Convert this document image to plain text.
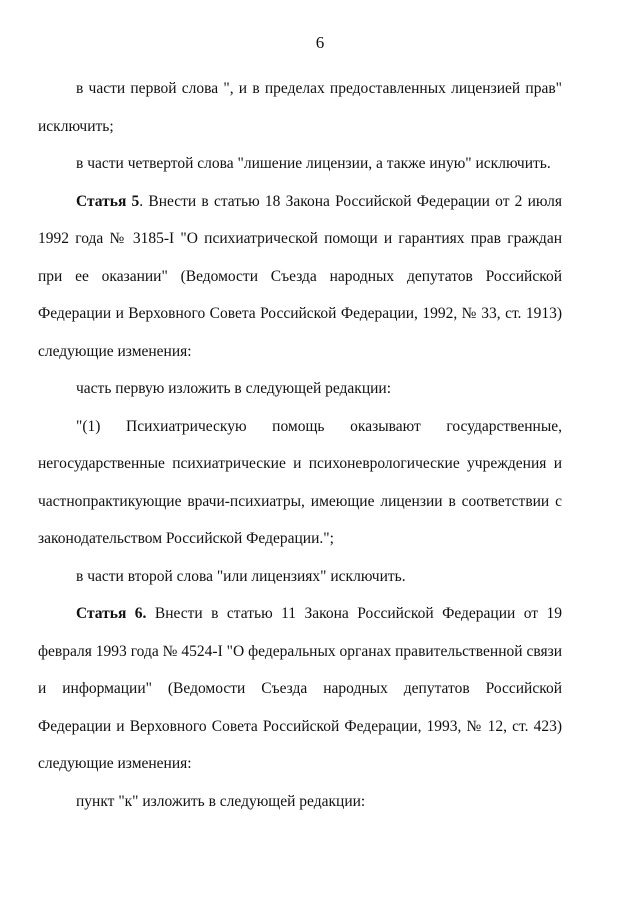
6

в части первой слова ", и в пределах предоставленных лицензией прав" исключить;

в части четвертой слова "лишение лицензии, а также иную" исключить.

Статья 5. Внести в статью 18 Закона Российской Федерации от 2 июля 1992 года № 3185-I "О психиатрической помощи и гарантиях прав граждан при ее оказании" (Ведомости Съезда народных депутатов Российской Федерации и Верховного Совета Российской Федерации, 1992, № 33, ст. 1913) следующие изменения:

часть первую изложить в следующей редакции:

"(1) Психиатрическую помощь оказывают государственные, негосударственные психиатрические и психоневрологические учреждения и частнопрактикующие врачи-психиатры, имеющие лицензии в соответствии с законодательством Российской Федерации.";

в части второй слова "или лицензиях" исключить.

Статья 6. Внести в статью 11 Закона Российской Федерации от 19 февраля 1993 года № 4524-I "О федеральных органах правительственной связи и информации" (Ведомости Съезда народных депутатов Российской Федерации и Верховного Совета Российской Федерации, 1993, № 12, ст. 423) следующие изменения:

пункт "к" изложить в следующей редакции:
